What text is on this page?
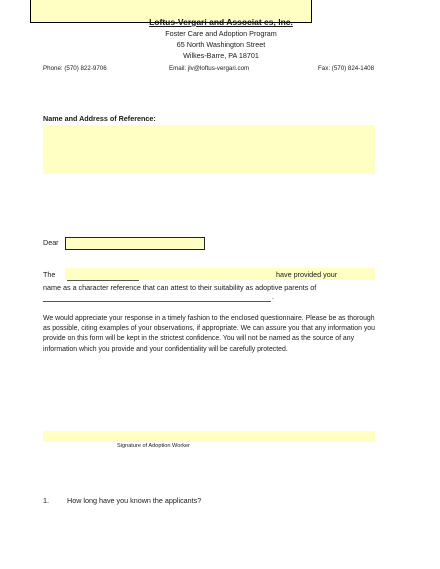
Loftus-Vergari and Associat es, Inc.
Foster Care and Adoption Program
65 North Washington Street
Wilkes-Barre, PA 18701
Phone: (570) 822-9706	Email: jlv@loftus-vergari.com	Fax: (570) 824-1408
Name and Address of Reference:
Dear
The	have provided your
name as a character reference that can attest to their suitability as adoptive parents of
.
We would appreciate your response in a timely fashion to the enclosed questionnaire. Please be as thorough as possible, citing examples of your observations, if appropriate. We can assure you that any information you provide on this form will be kept in the strictest confidence. You will not be named as the source of any information which you provide and your confidentiality will be carefully protected.
Signature of Adoption Worker
1.	How long have you known the applicants?
